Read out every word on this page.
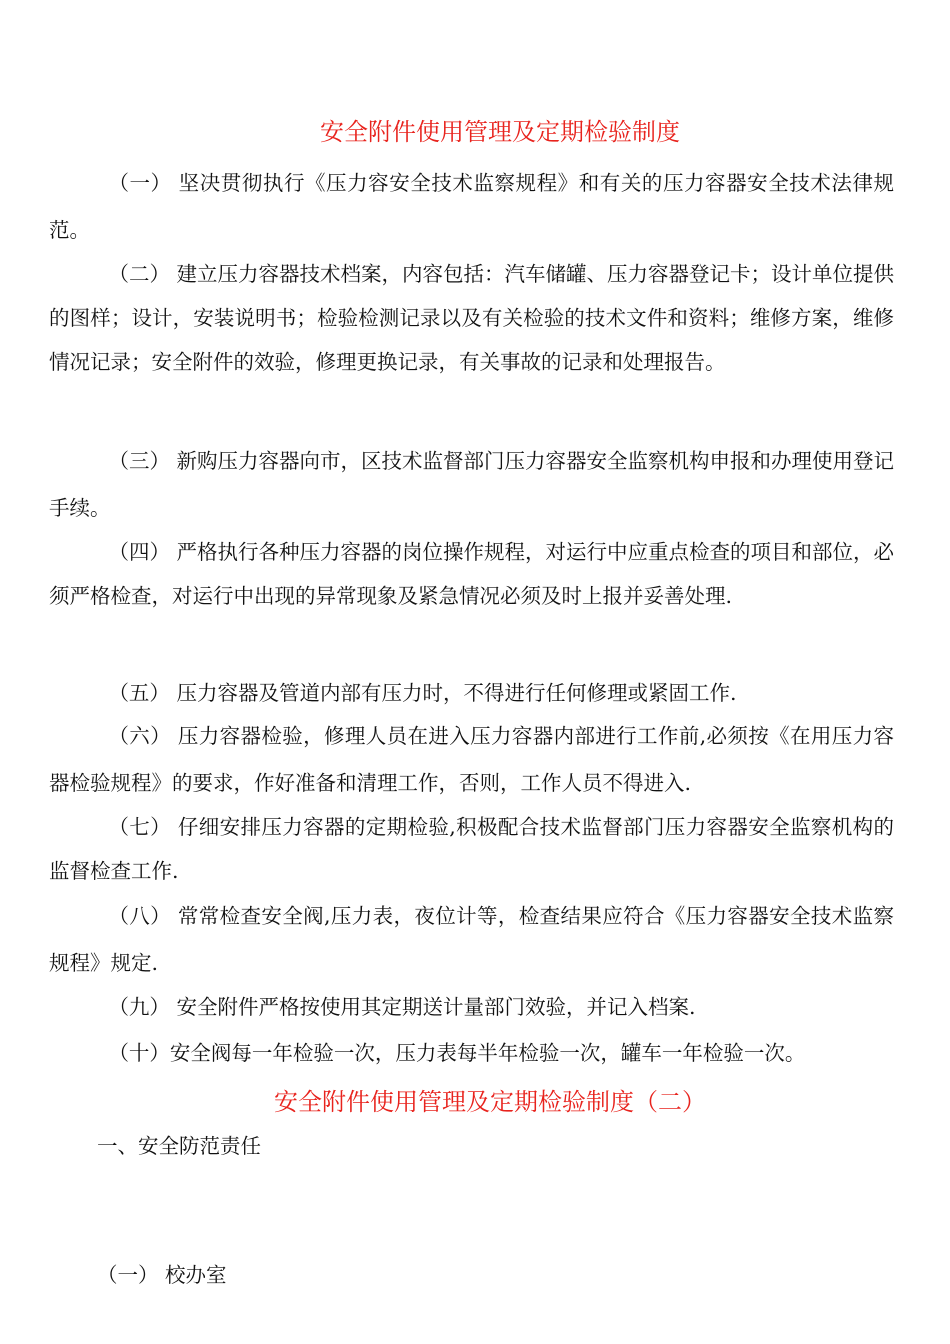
安全附件使用管理及定期检验制度

（一） 坚决贯彻执行《压力容安全技术监察规程》和有关的压力容器安全技术法律规范。

（二） 建立压力容器技术档案，内容包括：汽车储罐、压力容器登记卡；设计单位提供的图样；设计，安装说明书；检验检测记录以及有关检验的技术文件和资料；维修方案，维修情况记录；安全附件的效验，修理更换记录，有关事故的记录和处理报告。

（三） 新购压力容器向市，区技术监督部门压力容器安全监察机构申报和办理使用登记手续。

（四） 严格执行各种压力容器的岗位操作规程，对运行中应重点检查的项目和部位，必须严格检查，对运行中出现的异常现象及紧急情况必须及时上报并妥善处理.

（五） 压力容器及管道内部有压力时，不得进行任何修理或紧固工作.

（六） 压力容器检验，修理人员在进入压力容器内部进行工作前,必须按《在用压力容器检验规程》的要求，作好准备和清理工作，否则，工作人员不得进入.

（七） 仔细安排压力容器的定期检验,积极配合技术监督部门压力容器安全监察机构的监督检查工作.

（八） 常常检查安全阀,压力表，夜位计等，检查结果应符合《压力容器安全技术监察规程》规定.

（九） 安全附件严格按使用其定期送计量部门效验，并记入档案.

（十）安全阀每一年检验一次，压力表每半年检验一次，罐车一年检验一次。

安全附件使用管理及定期检验制度（二）
一、安全防范责任
（一） 校办室
